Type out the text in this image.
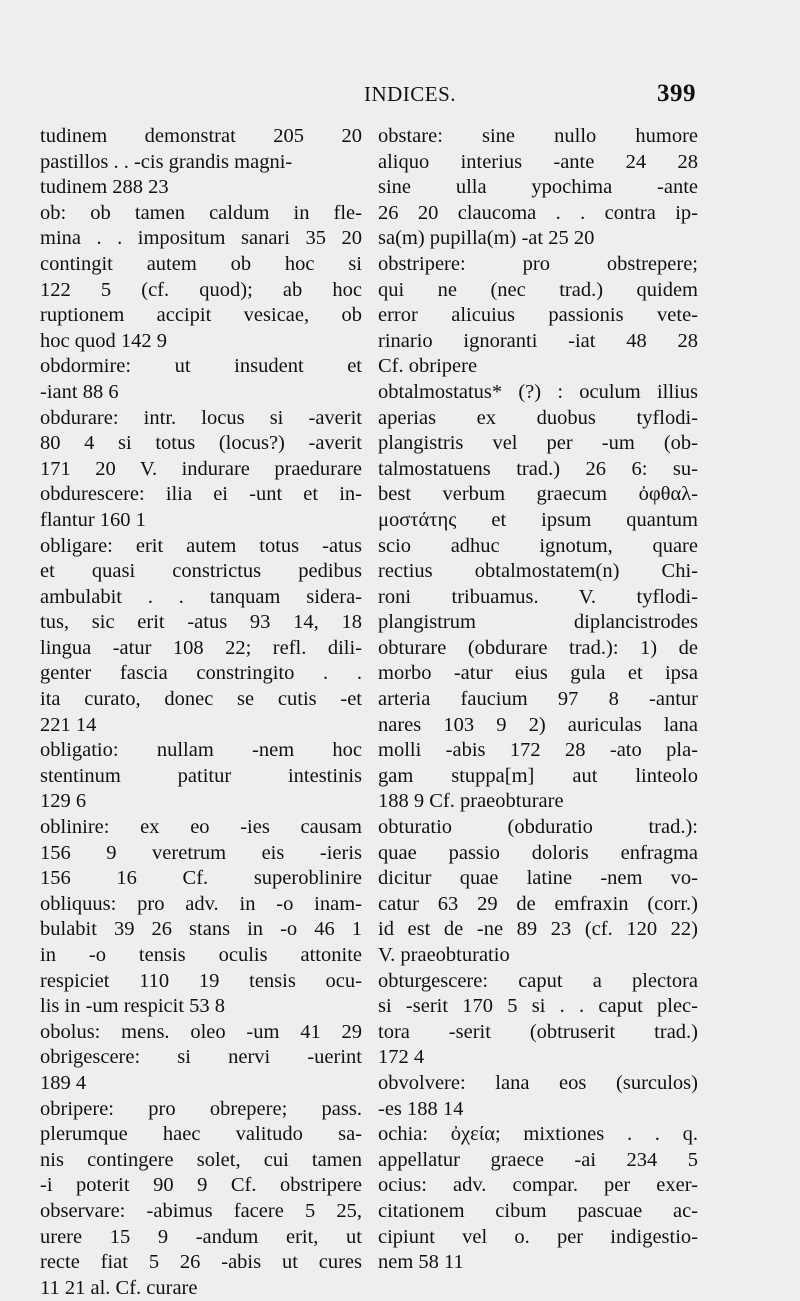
INDICES.	399
tudinem demonstrat 205 20
pastillos . . -cis grandis magni-
tudinem 288 23
ob: ob tamen caldum in fle-
mina . . impositum sanari 35 20
contingit autem ob hoc si
122 5 (cf. quod); ab hoc
ruptionem accipit vesicae, ob
hoc quod 142 9
obdormire: ut insudent et
-iant 88 6
obdurare: intr. locus si -averit
80 4 si totus (locus?) -averit
171 20 V. indurare praedurare
obdurescere: ilia ei -unt et in-
flantur 160 1
obligare: erit autem totus -atus
et quasi constrictus pedibus
ambulabit . . tanquam sidera-
tus, sic erit -atus 93 14, 18
lingua -atur 108 22; refl. dili-
genter fascia constringito . .
ita curato, donec se cutis -et
221 14
obligatio: nullam -nem hoc
stentinum patitur intestinis
129 6
oblinire: ex eo -ies causam
156 9 veretrum eis -ieris
156 16 Cf. superoblinire
obliquus: pro adv. in -o inam-
bulabit 39 26 stans in -o 46 1
in -o tensis oculis attonite
respiciet 110 19 tensis ocu-
lis in -um respicit 53 8
obolus: mens. oleo -um 41 29
obrigescere: si nervi -uerint
189 4
obripere: pro obrepere; pass.
plerumque haec valitudo sa-
nis contingere solet, cui tamen
-i poterit 90 9 Cf. obstripere
observare: -abimus facere 5 25,
urere 15 9 -andum erit, ut
recte fiat 5 26 -abis ut cures
11 21 al. Cf. curare
obstare: sine nullo humore
aliquo interius -ante 24 28
sine ulla ypochima -ante
26 20 claucoma . . contra ip-
sa(m) pupilla(m) -at 25 20
obstripere: pro obstrepere;
qui ne (nec trad.) quidem
error alicuius passionis vete-
rinario ignoranti -iat 48 28
Cf. obripere
obtalmostatus* (?) : oculum illius
aperias ex duobus tyflodi-
plangistris vel per -um (ob-
talmostatuens trad.) 26 6: su-
best verbum graecum ὀφθαλ-
μοστάτης et ipsum quantum
scio adhuc ignotum, quare
rectius obtalmostatem(n) Chi-
roni tribuamus. V. tyflodi-
plangistrum diplancistrodes
obturare (obdurare trad.): 1) de
morbo -atur eius gula et ipsa
arteria faucium 97 8 -antur
nares 103 9 2) auriculas lana
molli -abis 172 28 -ato pla-
gam stuppa[m] aut linteolo
188 9 Cf. praeobturare
obturatio (obduratio trad.):
quae passio doloris enfragma
dicitur quae latine -nem vo-
catur 63 29 de emfraxin (corr.)
id est de -ne 89 23 (cf. 120 22)
V. praeobturatio
obturgescere: caput a plectora
si -serit 170 5 si . . caput plec-
tora -serit (obtruserit trad.)
172 4
obvolvere: lana eos (surculos)
-es 188 14
ochia: ὀχεία; mixtiones . . q.
appellatur graece -ai 234 5
ocius: adv. compar. per exer-
citationem cibum pascuae ac-
cipiunt vel o. per indigestio-
nem 58 11
